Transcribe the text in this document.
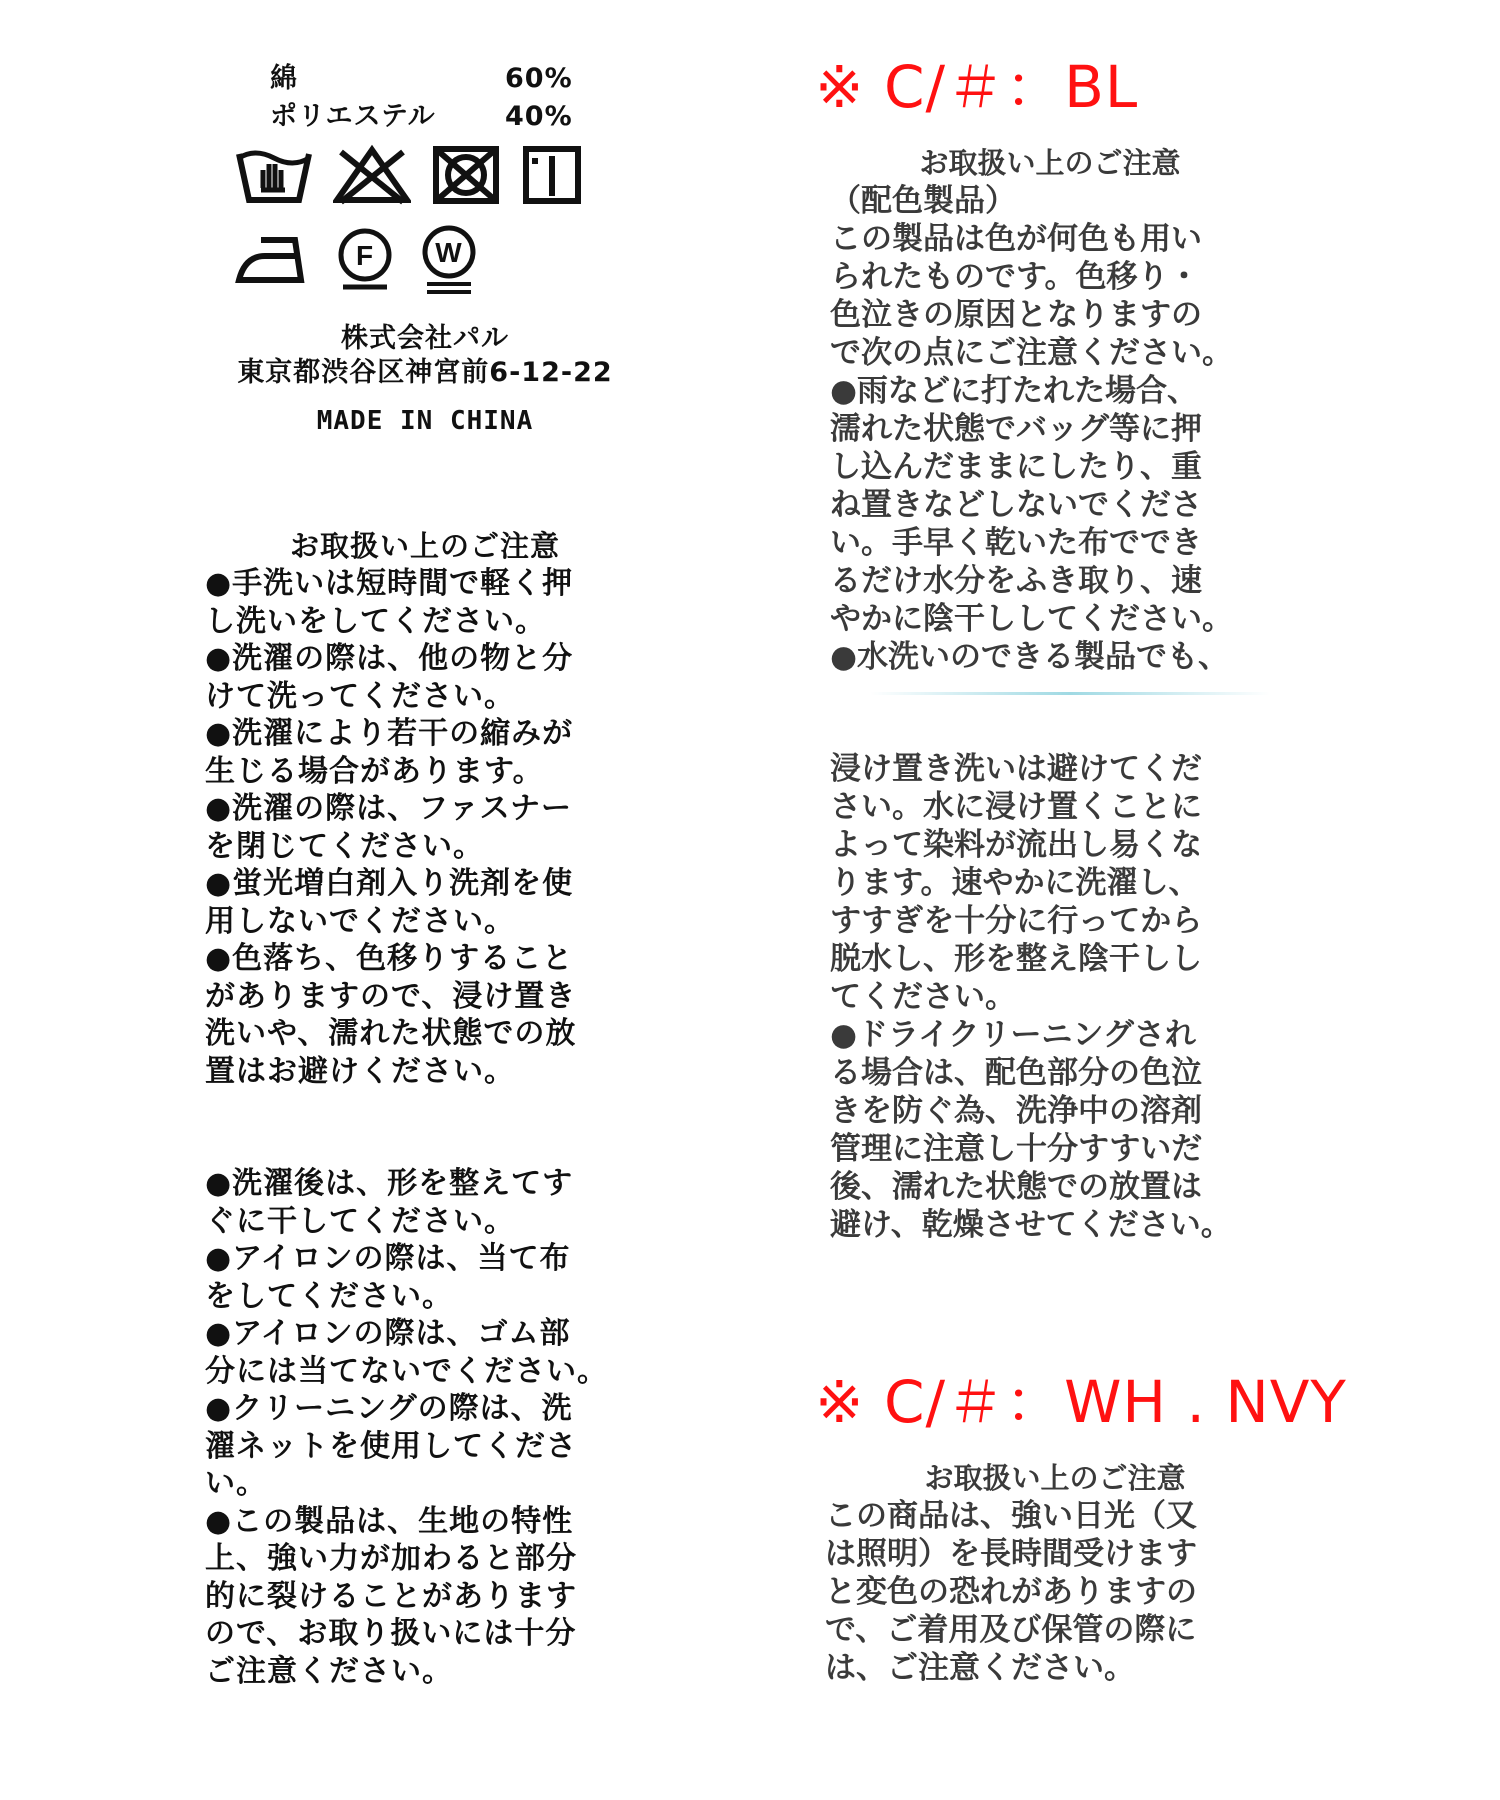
綿	60%
ポリエステル	40%
F W
株式会社パル
東京都渋谷区神宮前6-12-22
MADE IN CHINA
お取扱い上のご注意
●手洗いは短時間で軽く押
し洗いをしてください。
●洗濯の際は、他の物と分
けて洗ってください。
●洗濯により若干の縮みが
生じる場合があります。
●洗濯の際は、ファスナー
を閉じてください。
●蛍光増白剤入り洗剤を使
用しないでください。
●色落ち、色移りすること
がありますので、浸け置き
洗いや、濡れた状態での放
置はお避けください。
●洗濯後は、形を整えてす
ぐに干してください。
●アイロンの際は、当て布
をしてください。
●アイロンの際は、ゴム部
分には当てないでください。
●クリーニングの際は、洗
濯ネットを使用してくださ
い。
●この製品は、生地の特性
上、強い力が加わると部分
的に裂けることがあります
ので、お取り扱いには十分
ご注意ください。
※ C/＃：BL
お取扱い上のご注意
（配色製品）
この製品は色が何色も用い
られたものです。色移り・
色泣きの原因となりますの
で次の点にご注意ください。
●雨などに打たれた場合、
濡れた状態でバッグ等に押
し込んだままにしたり、重
ね置きなどしないでくださ
い。手早く乾いた布ででき
るだけ水分をふき取り、速
やかに陰干ししてください。
●水洗いのできる製品でも、
浸け置き洗いは避けてくだ
さい。水に浸け置くことに
よって染料が流出し易くな
ります。速やかに洗濯し、
すすぎを十分に行ってから
脱水し、形を整え陰干しし
てください。
●ドライクリーニングされ
る場合は、配色部分の色泣
きを防ぐ為、洗浄中の溶剤
管理に注意し十分すすいだ
後、濡れた状態での放置は
避け、乾燥させてください。
※ C/＃：WH . NVY
お取扱い上のご注意
この商品は、強い日光（又
は照明）を長時間受けます
と変色の恐れがありますの
で、ご着用及び保管の際に
は、ご注意ください。
